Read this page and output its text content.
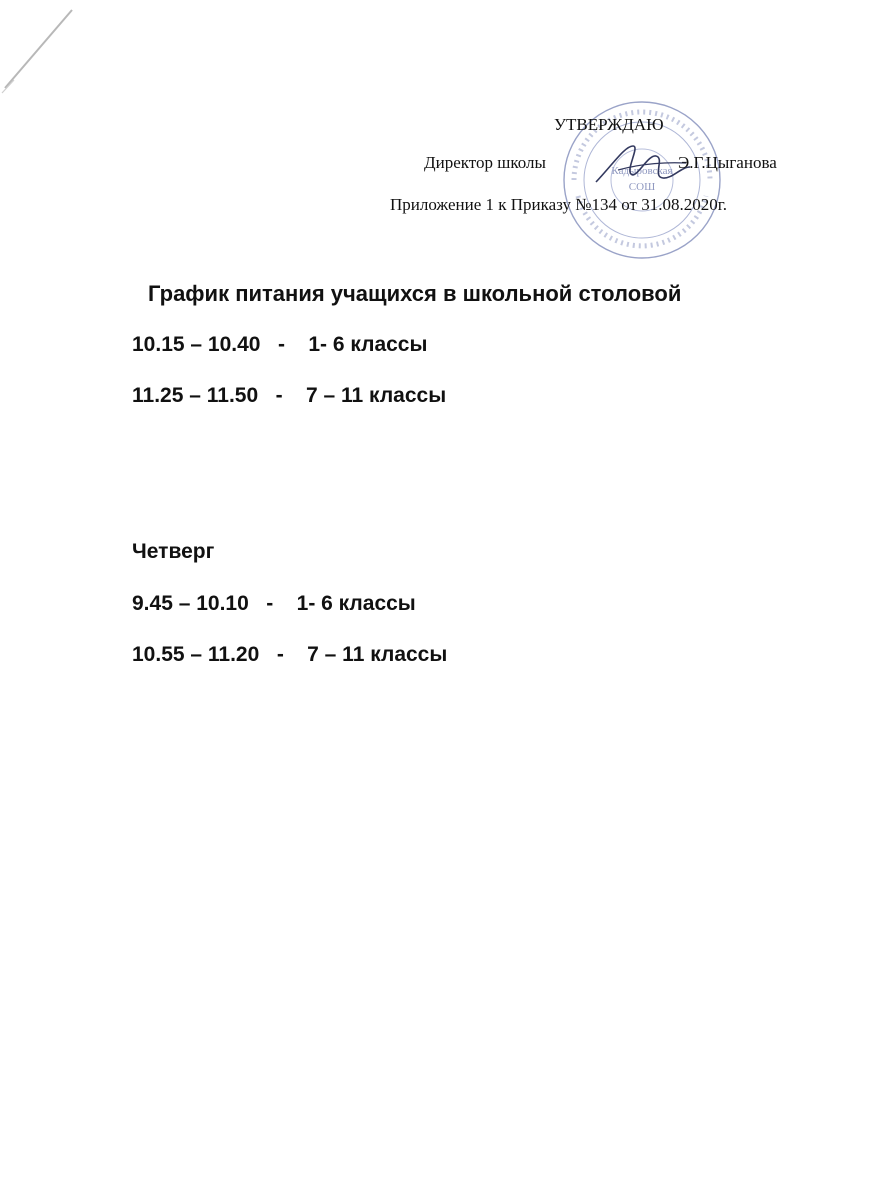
Кадыровская
СОШ
УТВЕРЖДАЮ
Директор школы	Э.Г.Цыганова
Приложение 1 к Приказу №134 от 31.08.2020г.
График питания учащихся в школьной столовой
10.15 – 10.40 - 1- 6 классы
11.25 – 11.50 - 7 – 11 классы
Четверг
9.45 – 10.10 - 1- 6 классы
10.55 – 11.20 - 7 – 11 классы
